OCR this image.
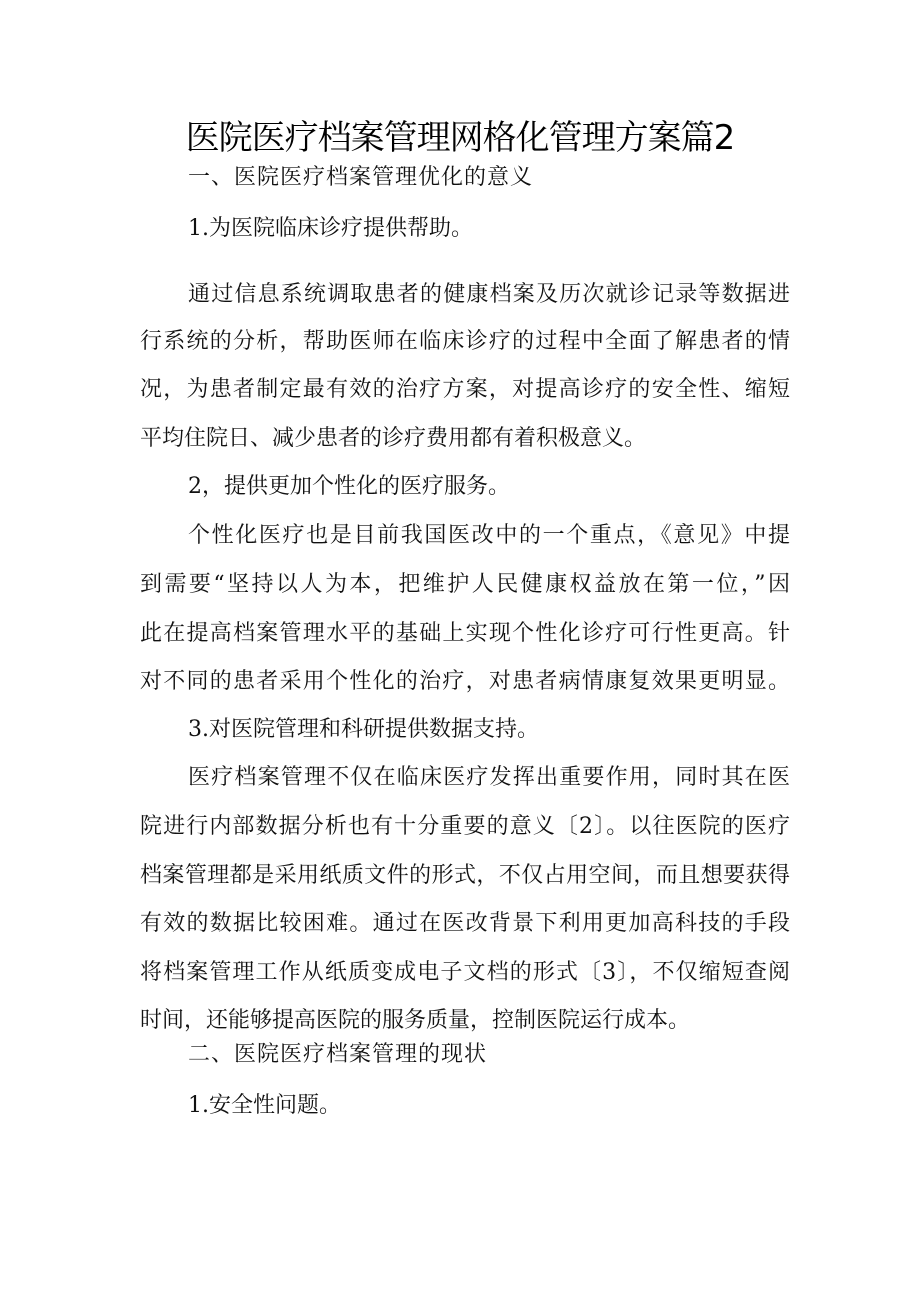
医院医疗档案管理网格化管理方案篇2
一、医院医疗档案管理优化的意义
1.为医院临床诊疗提供帮助。
通过信息系统调取患者的健康档案及历次就诊记录等数据进
行系统的分析，帮助医师在临床诊疗的过程中全面了解患者的情
况，为患者制定最有效的治疗方案，对提高诊疗的安全性、缩短
平均住院日、减少患者的诊疗费用都有着积极意义。
2，提供更加个性化的医疗服务。
个性化医疗也是目前我国医改中的一个重点，《意见》中提
到需要“坚持以人为本，把维护人民健康权益放在第一位，”因
此在提高档案管理水平的基础上实现个性化诊疗可行性更高。针
对不同的患者采用个性化的治疗，对患者病情康复效果更明显。
3.对医院管理和科研提供数据支持。
医疗档案管理不仅在临床医疗发挥出重要作用，同时其在医
院进行内部数据分析也有十分重要的意义〔2〕。以往医院的医疗
档案管理都是采用纸质文件的形式，不仅占用空间，而且想要获得
有效的数据比较困难。通过在医改背景下利用更加高科技的手段
将档案管理工作从纸质变成电子文档的形式〔3〕，不仅缩短查阅
时间，还能够提高医院的服务质量，控制医院运行成本。
二、医院医疗档案管理的现状
1.安全性问题。
